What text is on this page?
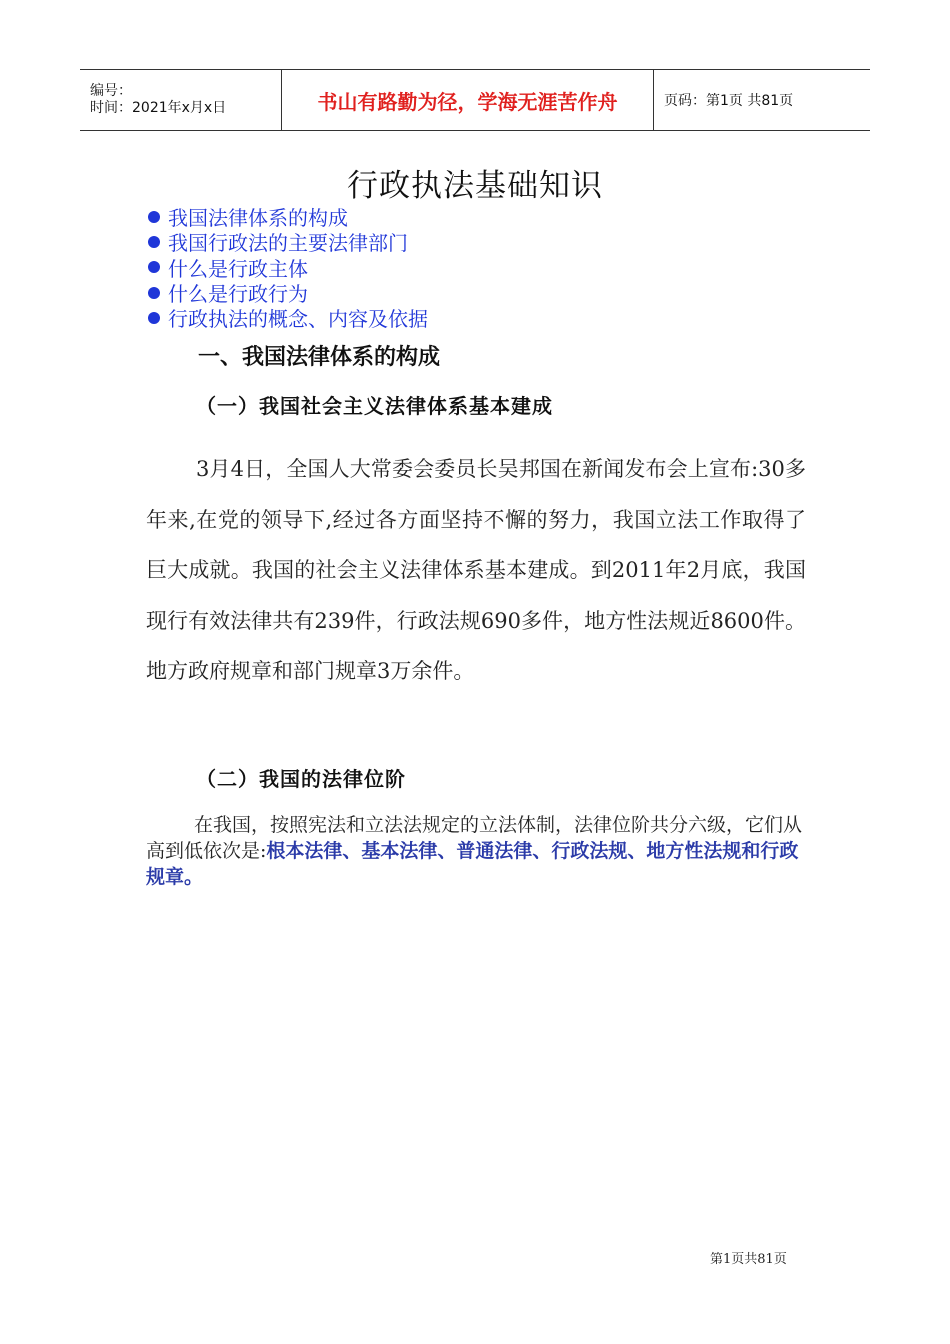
编号：
时间：2021年x月x日	书山有路勤为径，学海无涯苦作舟	页码：第1页 共81页
行政执法基础知识
我国法律体系的构成
我国行政法的主要法律部门
什么是行政主体
什么是行政行为
行政执法的概念、内容及依据
一、我国法律体系的构成
（一）我国社会主义法律体系基本建成

3月4日，全国人大常委会委员长吴邦国在新闻发布会上宣布:30多年来,在党的领导下,经过各方面坚持不懈的努力，我国立法工作取得了巨大成就。我国的社会主义法律体系基本建成。到2011年2月底，我国现行有效法律共有239件，行政法规690多件，地方性法规近8600件。地方政府规章和部门规章3万余件。

（二）我国的法律位阶

在我国，按照宪法和立法法规定的立法体制，法律位阶共分六级，它们从高到低依次是:根本法律、基本法律、普通法律、行政法规、地方性法规和行政规章。

第1页共81页
